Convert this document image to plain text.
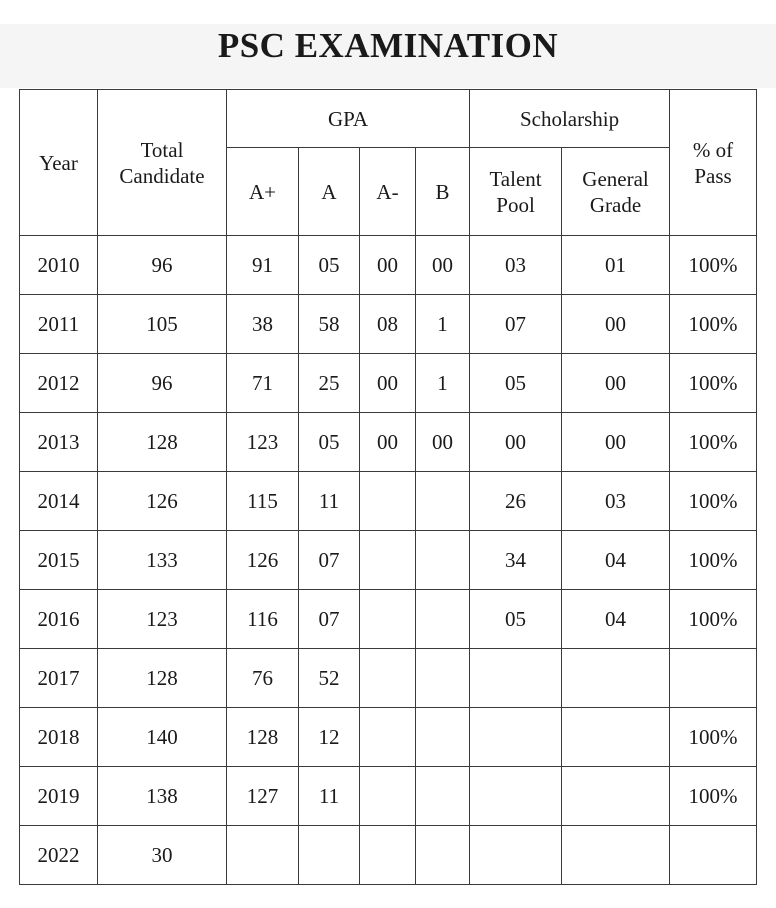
PSC EXAMINATION
Year	Total Candidate	GPA				Scholarship		% of Pass
		A+	A	A-	B	Talent Pool	General Grade	
2010	96	91	05	00	00	03	01	100%
2011	105	38	58	08	1	07	00	100%
2012	96	71	25	00	1	05	00	100%
2013	128	123	05	00	00	00	00	100%
2014	126	115	11			26	03	100%
2015	133	126	07			34	04	100%
2016	123	116	07			05	04	100%
2017	128	76	52					
2018	140	128	12					100%
2019	138	127	11					100%
2022	30							
